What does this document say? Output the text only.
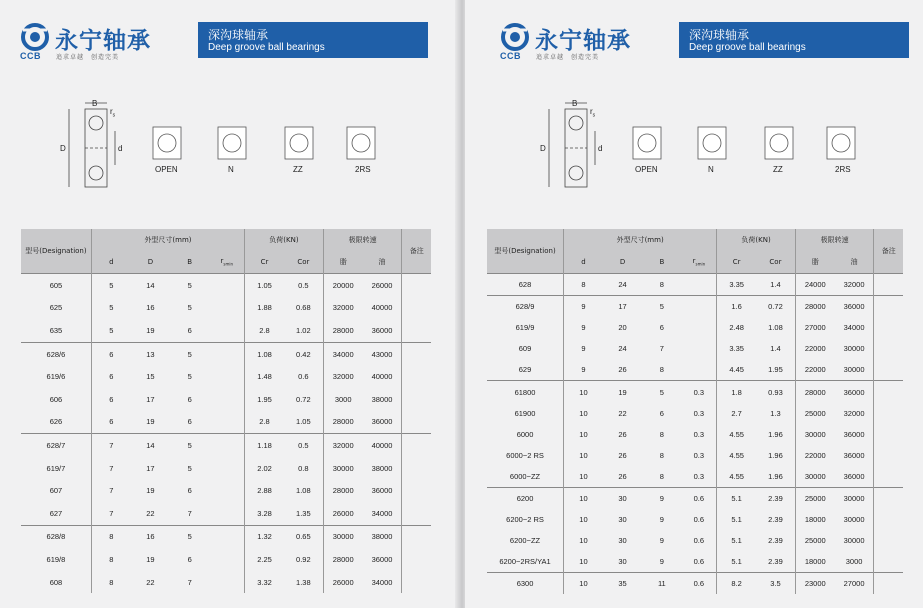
CCB
永宁轴承
追求卓越　创造完美
深沟球轴承
Deep groove ball bearings
B
$r_s$
D	d
OPEN	N	ZZ	2RS
型号(Designation)	外型尺寸(mm)				负荷(KN)		极限转速		备注
	d	D	B	$r_{smin}$	Cr	Cor	脂	油	
605	5	14	5		1.05	0.5	20000	26000	
625	5	16	5		1.88	0.68	32000	40000	
635	5	19	6		2.8	1.02	28000	36000	
628/6	6	13	5		1.08	0.42	34000	43000	
619/6	6	15	5		1.48	0.6	32000	40000	
606	6	17	6		1.95	0.72	3000	38000	
626	6	19	6		2.8	1.05	28000	36000	
628/7	7	14	5		1.18	0.5	32000	40000	
619/7	7	17	5		2.02	0.8	30000	38000	
607	7	19	6		2.88	1.08	28000	36000	
627	7	22	7		3.28	1.35	26000	34000	
628/8	8	16	5		1.32	0.65	30000	38000	
619/8	8	19	6		2.25	0.92	28000	36000	
608	8	22	7		3.32	1.38	26000	34000	
CCB
永宁轴承
追求卓越　创造完美
深沟球轴承
Deep groove ball bearings
B
$r_s$
D	d
OPEN	N	ZZ	2RS
型号(Designation)	外型尺寸(mm)				负荷(KN)		极限转速		备注
	d	D	B	$r_{smin}$	Cr	Cor	脂	油	
628	8	24	8		3.35	1.4	24000	32000	
628/9	9	17	5		1.6	0.72	28000	36000	
619/9	9	20	6		2.48	1.08	27000	34000	
609	9	24	7		3.35	1.4	22000	30000	
629	9	26	8		4.45	1.95	22000	30000	
61800	10	19	5	0.3	1.8	0.93	28000	36000	
61900	10	22	6	0.3	2.7	1.3	25000	32000	
6000	10	26	8	0.3	4.55	1.96	30000	36000	
6000−2 RS	10	26	8	0.3	4.55	1.96	22000	36000	
6000−ZZ	10	26	8	0.3	4.55	1.96	30000	36000	
6200	10	30	9	0.6	5.1	2.39	25000	30000	
6200−2 RS	10	30	9	0.6	5.1	2.39	18000	30000	
6200−ZZ	10	30	9	0.6	5.1	2.39	25000	30000	
6200−2RS/YA1	10	30	9	0.6	5.1	2.39	18000	3000	
6300	10	35	11	0.6	8.2	3.5	23000	27000	
